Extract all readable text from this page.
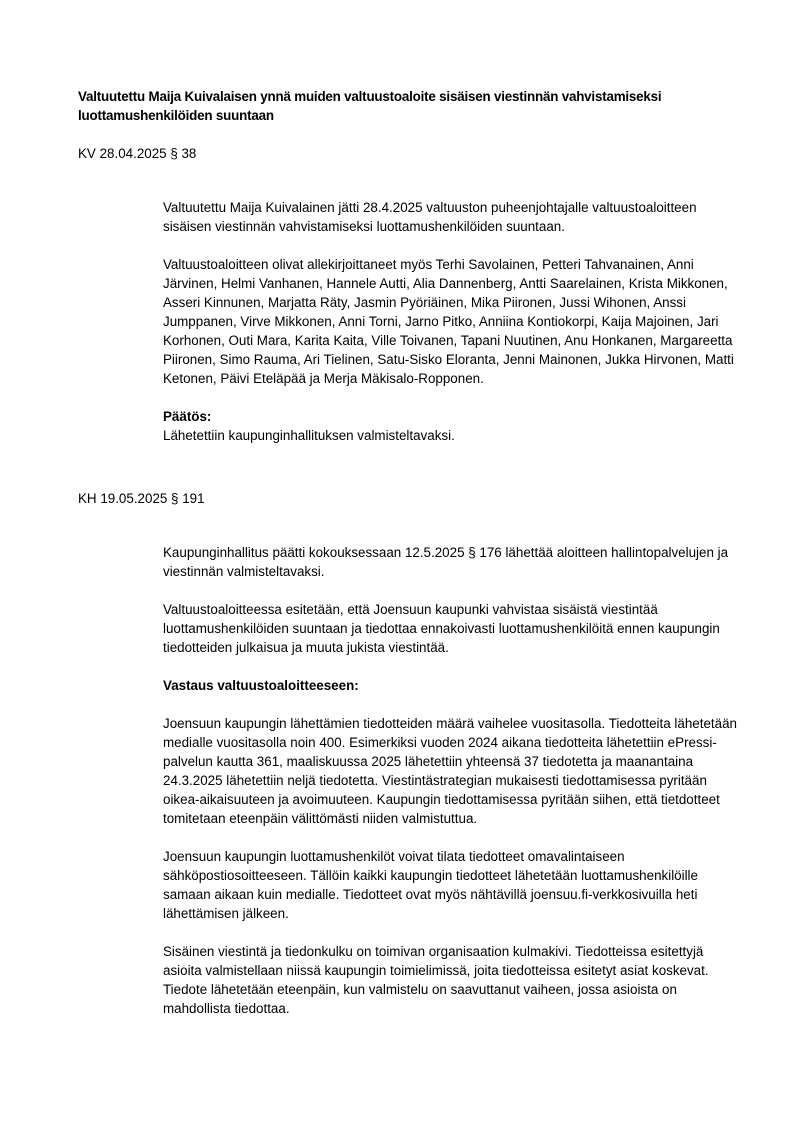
Valtuutettu Maija Kuivalaisen ynnä muiden valtuustoaloite sisäisen viestinnän vahvistamiseksi luottamushenkilöiden suuntaan
KV 28.04.2025 § 38

Valtuutettu Maija Kuivalainen jätti 28.4.2025 valtuuston puheenjohtajalle valtuustoaloitteen sisäisen viestinnän vahvistamiseksi luottamushenkilöiden suuntaan.

Valtuustoaloitteen olivat allekirjoittaneet myös Terhi Savolainen, Petteri Tahvanainen, Anni Järvinen, Helmi Vanhanen, Hannele Autti, Alia Dannenberg, Antti Saarelainen, Krista Mikkonen, Asseri Kinnunen, Marjatta Räty, Jasmin Pyöriäinen, Mika Piironen, Jussi Wihonen, Anssi Jumppanen, Virve Mikkonen, Anni Torni, Jarno Pitko, Anniina Kontiokorpi, Kaija Majoinen, Jari Korhonen, Outi Mara, Karita Kaita, Ville Toivanen, Tapani Nuutinen, Anu Honkanen, Margareetta Piironen, Simo Rauma, Ari Tielinen, Satu-Sisko Eloranta, Jenni Mainonen, Jukka Hirvonen, Matti Ketonen, Päivi Eteläpää ja Merja Mäkisalo-Ropponen.

Päätös:

Lähetettiin kaupunginhallituksen valmisteltavaksi.

KH 19.05.2025 § 191

Kaupunginhallitus päätti kokouksessaan 12.5.2025 § 176 lähettää aloitteen hallintopalvelujen ja viestinnän valmisteltavaksi.

Valtuustoaloitteessa esitetään, että Joensuun kaupunki vahvistaa sisäistä viestintää luottamushenkilöiden suuntaan ja tiedottaa ennakoivasti luottamushenkilöitä ennen kaupungin tiedotteiden julkaisua ja muuta jukista viestintää.

Vastaus valtuustoaloitteeseen:

Joensuun kaupungin lähettämien tiedotteiden määrä vaihelee vuositasolla. Tiedotteita lähetetään medialle vuositasolla noin 400. Esimerkiksi vuoden 2024 aikana tiedotteita lähetettiin ePressi-palvelun kautta 361, maaliskuussa 2025 lähetettiin yhteensä 37 tiedotetta ja maanantaina 24.3.2025 lähetettiin neljä tiedotetta. Viestintästrategian mukaisesti tiedottamisessa pyritään oikea-aikaisuuteen ja avoimuuteen. Kaupungin tiedottamisessa pyritään siihen, että tietdotteet tomitetaan eteenpäin välittömästi niiden valmistuttua.

Joensuun kaupungin luottamushenkilöt voivat tilata tiedotteet omavalintaiseen sähköpostiosoitteeseen. Tällöin kaikki kaupungin tiedotteet lähetetään luottamushenkilöille samaan aikaan kuin medialle. Tiedotteet ovat myös nähtävillä joensuu.fi-verkkosivuilla heti lähettämisen jälkeen.

Sisäinen viestintä ja tiedonkulku on toimivan organisaation kulmakivi. Tiedotteissa esitettyjä asioita valmistellaan niissä kaupungin toimielimissä, joita tiedotteissa esitetyt asiat koskevat. Tiedote lähetetään eteenpäin, kun valmistelu on saavuttanut vaiheen, jossa asioista on mahdollista tiedottaa.
